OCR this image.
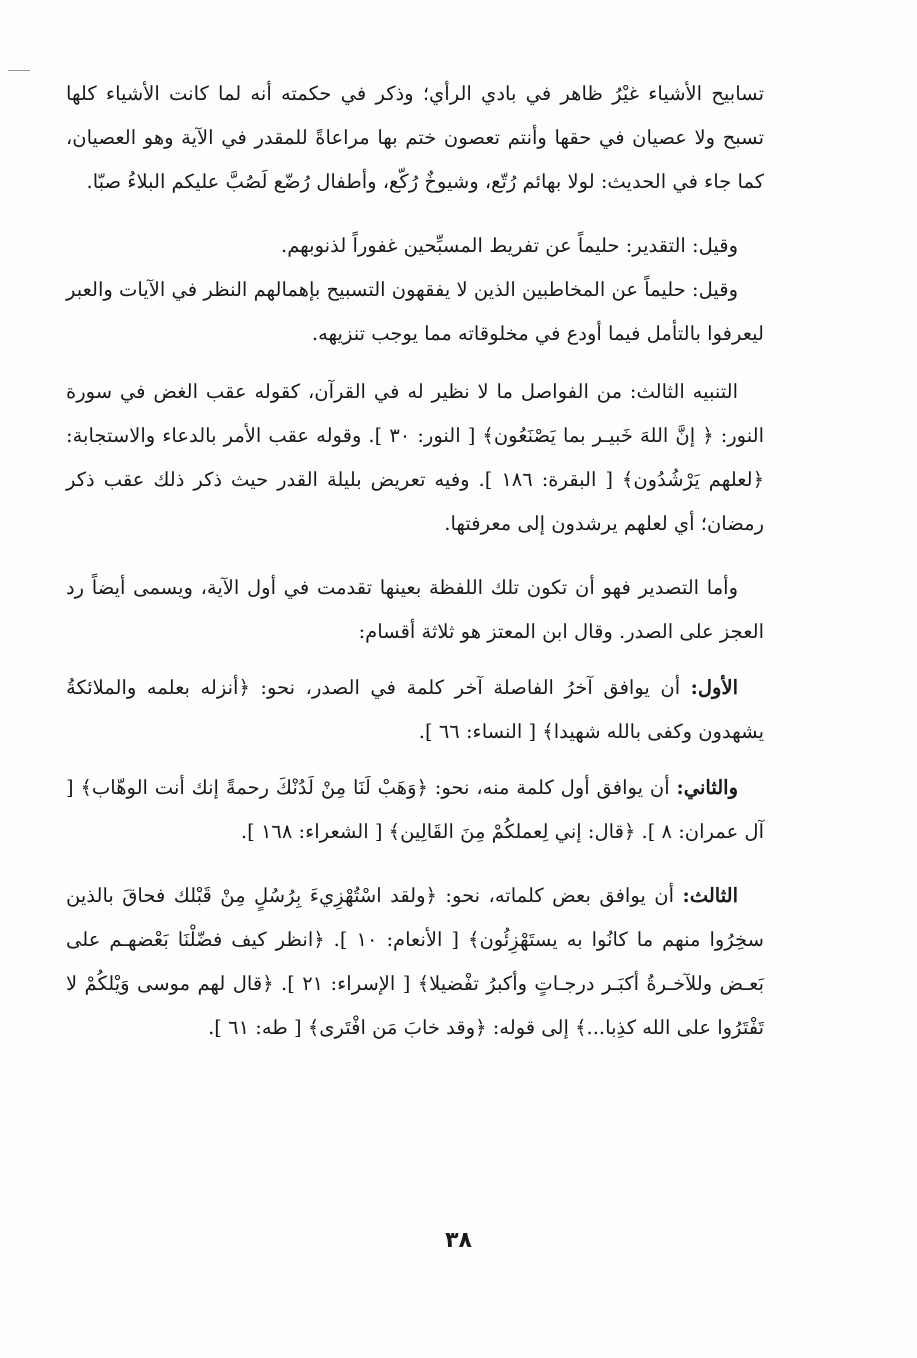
تسابيح الأشياء غيْرُ ظاهر في بادي الرأي؛ وذكر في حكمته أنه لما كانت الأشياء كلها تسبح ولا عصيان في حقها وأنتم تعصون ختم بها مراعاةً للمقدر في الآية وهو العصيان، كما جاء في الحديث: لولا بهائم رُتّع، وشيوخٌ رُكّع، وأطفال رُضّع لَصُبَّ عليكم البلاءُ صبّا.

وقيل: التقدير: حليماً عن تفريط المسبِّحين غفوراً لذنوبهم.

وقيل: حليماً عن المخاطبين الذين لا يفقهون التسبيح بإهمالهم النظر في الآيات والعبر ليعرفوا بالتأمل فيما أودع في مخلوقاته مما يوجب تنزيهه.

التنبيه الثالث: من الفواصل ما لا نظير له في القرآن، كقوله عقب الغض في سورة النور: ﴿ إنَّ اللهَ خَبيـر بما يَصْنَعُون﴾ [ النور: ٣٠ ]. وقوله عقب الأمر بالدعاء والاستجابة: ﴿لعلهم يَرْشُدُون﴾ [ البقرة: ١٨٦ ]. وفيه تعريض بليلة القدر حيث ذكر ذلك عقب ذكر رمضان؛ أي لعلهم يرشدون إلى معرفتها.

وأما التصدير فهو أن تكون تلك اللفظة بعينها تقدمت في أول الآية، ويسمى أيضاً رد العجز على الصدر. وقال ابن المعتز هو ثلاثة أقسام:

الأول: أن يوافق آخرُ الفاصلة آخر كلمة في الصدر، نحو: ﴿أنزله بعلمه والملائكةُ يشهدون وكفى بالله شهيدا﴾ [ النساء: ٦٦ ].

والثاني: أن يوافق أول كلمة منه، نحو: ﴿وَهَبْ لَنَا مِنْ لَدُنْكَ رحمةً إنك أنت الوهّاب﴾ [ آل عمران: ٨ ]. ﴿قال: إني لِعملكُمْ مِنَ القَالِين﴾ [ الشعراء: ١٦٨ ].

الثالث: أن يوافق بعض كلماته، نحو: ﴿ولقد اسْتُهْزِيءَ بِرُسُلٍ مِنْ قَبْلك فحاقَ بالذين سخِرُوا منهم ما كانُوا به يستَهْزِئُون﴾ [ الأنعام: ١٠ ]. ﴿انظر كيف فضّلْنَا بَعْضهـم على بَعـض وللآخـرةُ أكبَـر درجـاتٍ وأكبرُ تفْضيلا﴾ [ الإسراء: ٢١ ]. ﴿قال لهم موسى وَيْلكُمْ لا تَفْتَرُوا على الله كذِبا...﴾ إلى قوله: ﴿وقد خابَ مَن افْتَرى﴾ [ طه: ٦١ ].

٣٨
